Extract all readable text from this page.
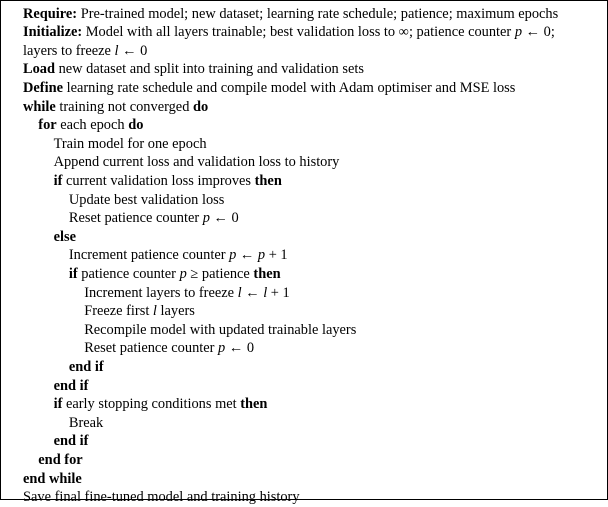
Require: Pre-trained model; new dataset; learning rate schedule; patience; maximum epochs
Initialize: Model with all layers trainable; best validation loss to ∞; patience counter p ← 0;
layers to freeze l ← 0
Load new dataset and split into training and validation sets
Define learning rate schedule and compile model with Adam optimiser and MSE loss
while training not converged do
for each epoch do
Train model for one epoch
Append current loss and validation loss to history
if current validation loss improves then
Update best validation loss
Reset patience counter p ← 0
else
Increment patience counter p ← p + 1
if patience counter p ≥ patience then
Increment layers to freeze l ← l + 1
Freeze first l layers
Recompile model with updated trainable layers
Reset patience counter p ← 0
end if
end if
if early stopping conditions met then
Break
end if
end for
end while
Save final fine-tuned model and training history
